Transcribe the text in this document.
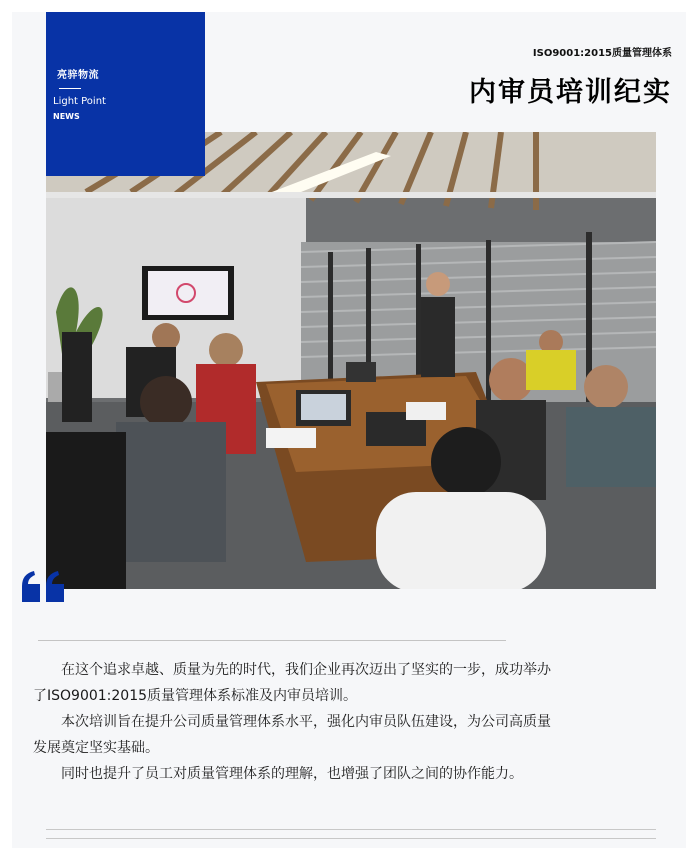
亮骍物流
Light Point
NEWS
ISO9001:2015质量管理体系
内审员培训纪实

在这个追求卓越、质量为先的时代，我们企业再次迈出了坚实的一步，成功举办了ISO9001:2015质量管理体系标准及内审员培训。

本次培训旨在提升公司质量管理体系水平，强化内审员队伍建设，为公司高质量发展奠定坚实基础。

同时也提升了员工对质量管理体系的理解，也增强了团队之间的协作能力。
